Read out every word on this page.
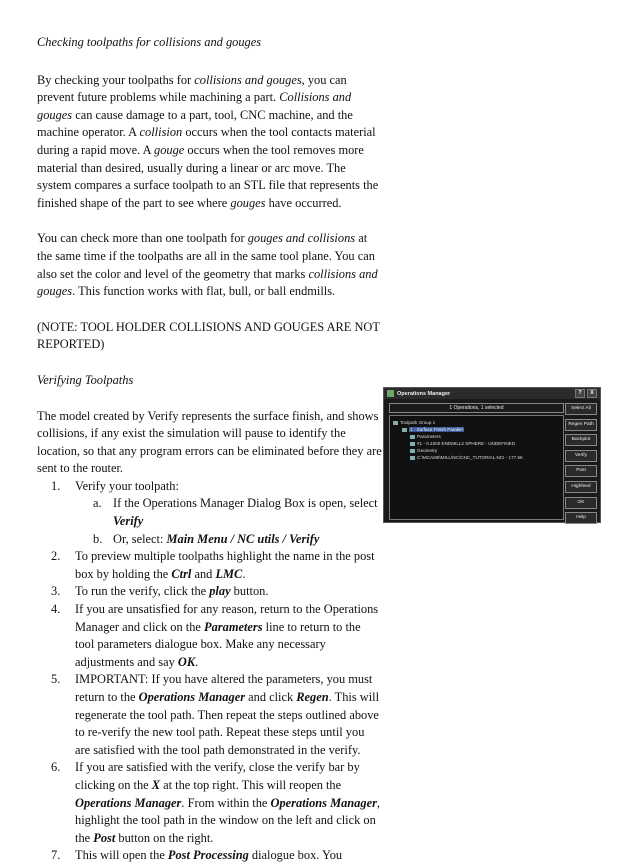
Checking toolpaths for collisions and gouges

By checking your toolpaths for collisions and gouges, you can prevent future problems while machining a part. Collisions and gouges can cause damage to a part, tool, CNC machine, and the machine operator. A collision occurs when the tool contacts material during a rapid move. A gouge occurs when the tool removes more material than desired, usually during a linear or arc move. The system compares a surface toolpath to an STL file that represents the finished shape of the part to see where gouges have occurred.

You can check more than one toolpath for gouges and collisions at the same time if the toolpaths are all in the same tool plane. You can also set the color and level of the geometry that marks collisions and gouges. This function works with flat, bull, or ball endmills.

(NOTE: TOOL HOLDER COLLISIONS AND GOUGES ARE NOT REPORTED)

Verifying Toolpaths

The model created by Verify represents the surface finish, and shows collisions, if any exist the simulation will pause to identify the location, so that any program errors can be eliminated before they are sent to the router.

1. Verify your toolpath:
a. If the Operations Manager Dialog Box is open, select Verify
b. Or, select: Main Menu / NC utils / Verify
2. To preview multiple toolpaths highlight the name in the post box by holding the Ctrl and LMC.
3. To run the verify, click the play button.
4. If you are unsatisfied for any reason, return to the Operations Manager and click on the Parameters line to return to the tool parameters dialogue box. Make any necessary adjustments and say OK.
5. IMPORTANT: If you have altered the parameters, you must return to the Operations Manager and click Regen. This will regenerate the tool path. Then repeat the steps outlined above to re-verify the new tool path. Repeat these steps until you are satisfied with the tool path demonstrated in the verify.
6. If you are satisfied with the verify, close the verify bar by clicking on the X at the top right. This will reopen the Operations Manager. From within the Operations Manager, highlight the tool path in the window on the left and click on the Post button on the right.
7. This will open the Post Processing dialogue box. You
Operations Manager	?	X
1 Operations, 1 selected
Toolpath Group 1
1 - Surface Finish Parallel
Parameters
#1 - 0.1500 ENDMILL2 SPHERE - UNDEFINED
Geometry
C:\MCAM9\MILL\NC\CNC_TUTORIAL.NCI - 177.5K
Select All
Regen Path
Backplot
Verify
Post
Highfeed
OK
Help
